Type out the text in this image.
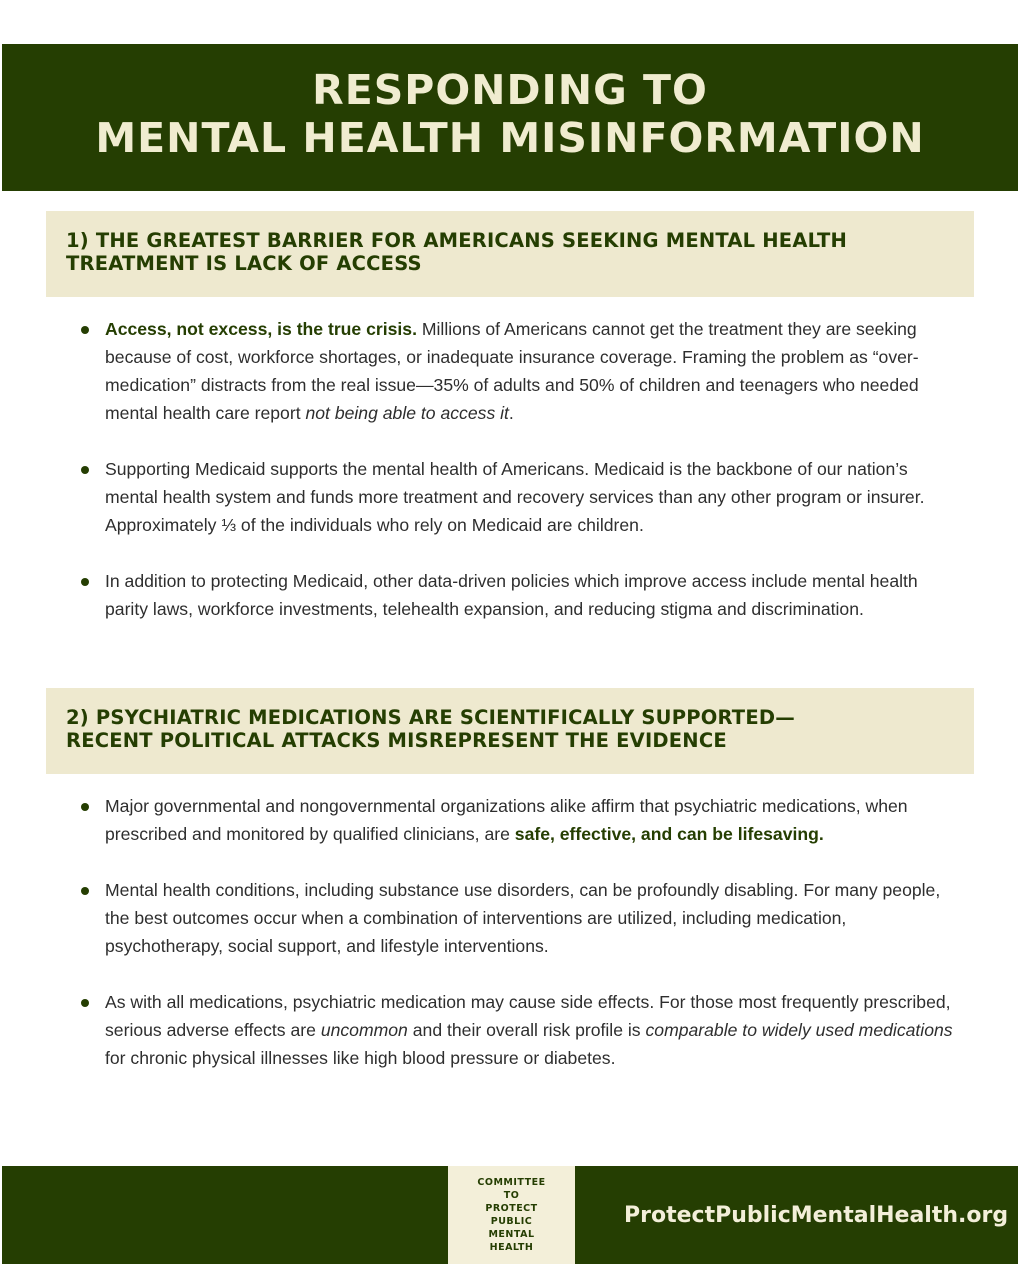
RESPONDING TO
MENTAL HEALTH MISINFORMATION
1) THE GREATEST BARRIER FOR AMERICANS SEEKING MENTAL HEALTH
TREATMENT IS LACK OF ACCESS
Access, not excess, is the true crisis. Millions of Americans cannot get the treatment they are seeking because of cost, workforce shortages, or inadequate insurance coverage. Framing the problem as “over-medication” distracts from the real issue—35% of adults and 50% of children and teenagers who needed mental health care report not being able to access it.
Supporting Medicaid supports the mental health of Americans. Medicaid is the backbone of our nation’s mental health system and funds more treatment and recovery services than any other program or insurer. Approximately ⅓ of the individuals who rely on Medicaid are children.
In addition to protecting Medicaid, other data-driven policies which improve access include mental health parity laws, workforce investments, telehealth expansion, and reducing stigma and discrimination.
2) PSYCHIATRIC MEDICATIONS ARE SCIENTIFICALLY SUPPORTED—
RECENT POLITICAL ATTACKS MISREPRESENT THE EVIDENCE
Major governmental and nongovernmental organizations alike affirm that psychiatric medications, when prescribed and monitored by qualified clinicians, are safe, effective, and can be lifesaving.
Mental health conditions, including substance use disorders, can be profoundly disabling. For many people, the best outcomes occur when a combination of interventions are utilized, including medication, psychotherapy, social support, and lifestyle interventions.
As with all medications, psychiatric medication may cause side effects. For those most frequently prescribed, serious adverse effects are uncommon and their overall risk profile is comparable to widely used medications for chronic physical illnesses like high blood pressure or diabetes.
COMMITTEE
TO
PROTECT
PUBLIC
MENTAL
HEALTH
ProtectPublicMentalHealth.org
